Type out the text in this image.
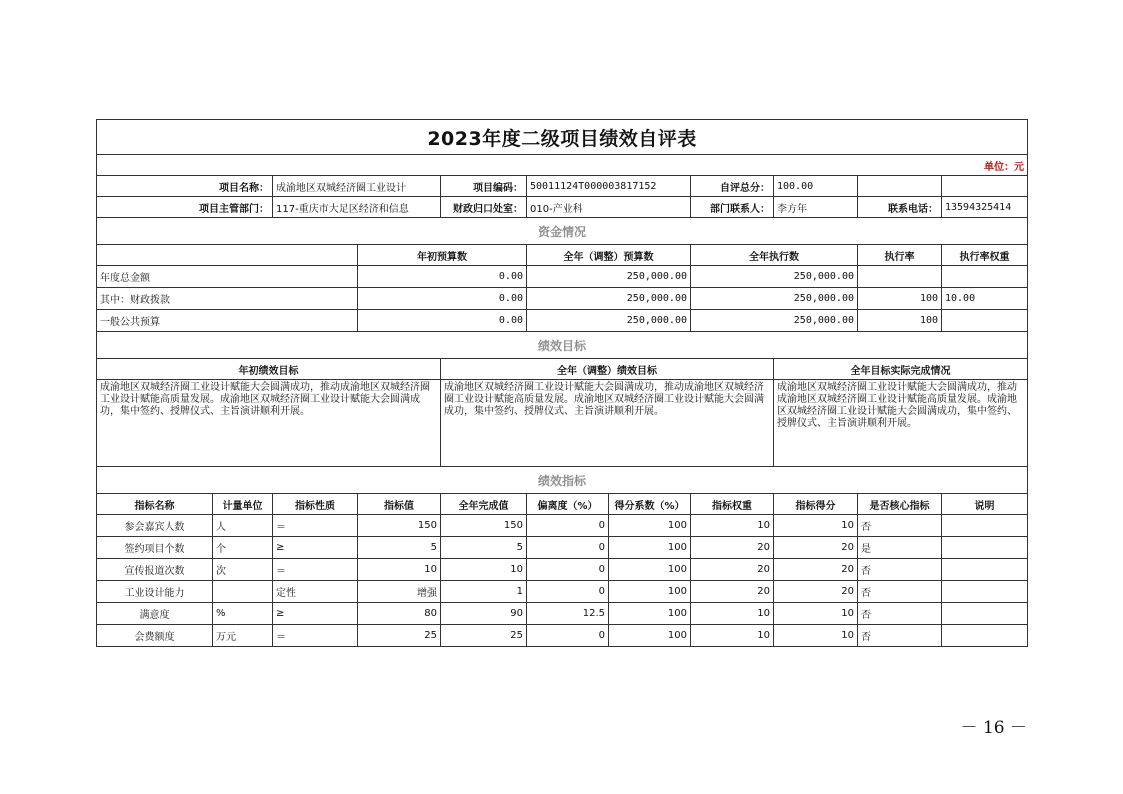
2023年度二级项目绩效自评表											
单位：元											
项目名称：		成渝地区双城经济圈工业设计		项目编码：	50011124T000003817152		自评总分：	100.00			
项目主管部门：		117-重庆市大足区经济和信息		财政归口处室：	010-产业科		部门联系人：	李方年	联系电话：	13594325414	
资金情况											
			年初预算数		全年（调整）预算数		全年执行数		执行率	执行率权重	
年度总金额			0.00		250,000.00		250,000.00				
其中：财政拨款			0.00		250,000.00		250,000.00		100	10.00	
一般公共预算			0.00		250,000.00		250,000.00		100		
绩效目标											
年初绩效目标				全年（调整）绩效目标				全年目标实际完成情况			
成渝地区双城经济圈工业设计赋能大会圆满成功，推动成渝地区双城经济圈工业设计赋能高质量发展。成渝地区双城经济圈工业设计赋能大会圆满成功，集中签约、授牌仪式、主旨演讲顺利开展。				成渝地区双城经济圈工业设计赋能大会圆满成功，推动成渝地区双城经济圈工业设计赋能高质量发展。成渝地区双城经济圈工业设计赋能大会圆满成功，集中签约、授牌仪式、主旨演讲顺利开展。				成渝地区双城经济圈工业设计赋能大会圆满成功，推动成渝地区双城经济圈工业设计赋能高质量发展。成渝地区双城经济圈工业设计赋能大会圆满成功，集中签约、授牌仪式、主旨演讲顺利开展。			
绩效指标											
指标名称	计量单位	指标性质	指标值	全年完成值	偏离度（%）	得分系数（%）	指标权重	指标得分	是否核心指标	说明	
参会嘉宾人数	人	＝	150	150	0	100	10	10	否		
签约项目个数	个	≥	5	5	0	100	20	20	是		
宣传报道次数	次	＝	10	10	0	100	20	20	否		
工业设计能力		定性	增强	1	0	100	20	20	否		
满意度	%	≥	80	90	12.5	100	10	10	否		
会费额度	万元	＝	25	25	0	100	10	10	否		
－ 16 －
